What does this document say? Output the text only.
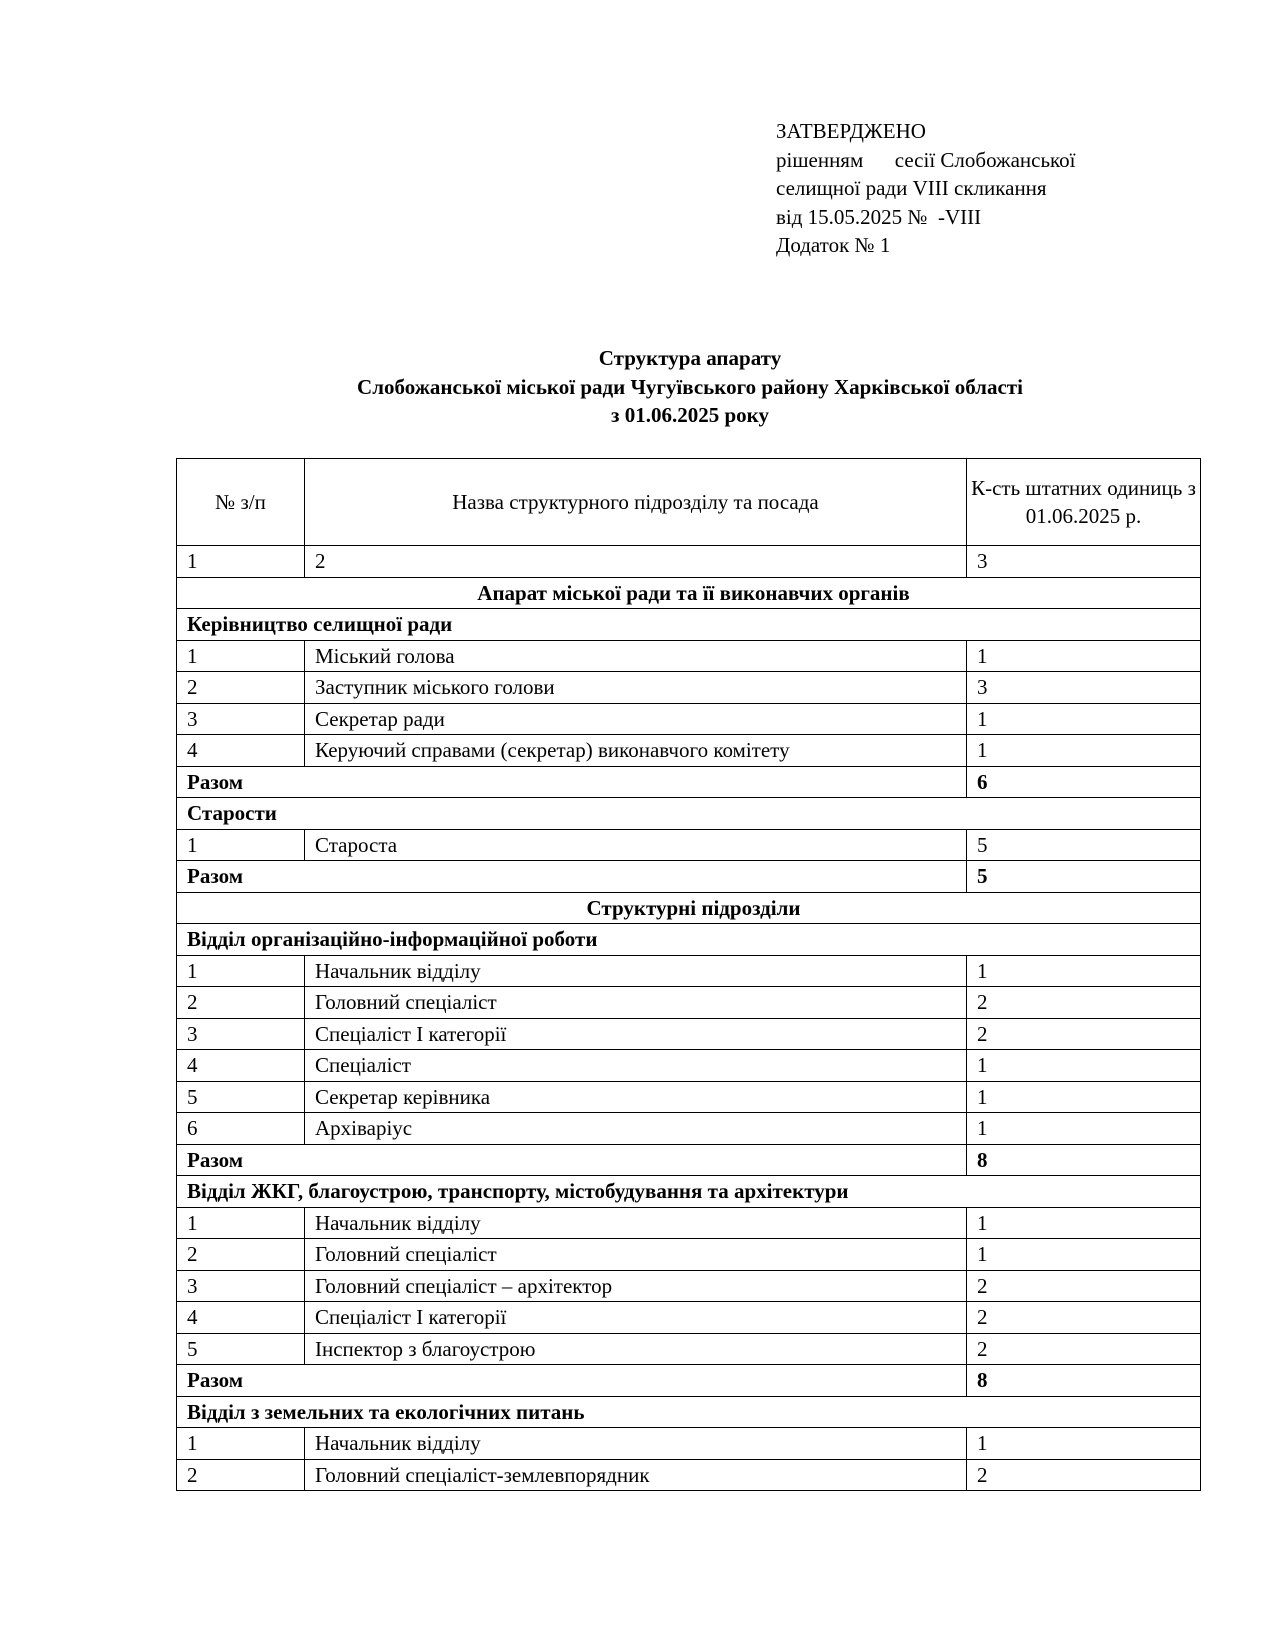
ЗАТВЕРДЖЕНО
рішенням      сесії Слобожанської
селищної ради VIII скликання
від 15.05.2025 №  -VIII
Додаток № 1
Структура апарату
Слобожанської міської ради Чугуївського району Харківської області
з 01.06.2025 року
№ з/п	Назва структурного підрозділу та посада	К-сть штатних одиниць з 01.06.2025 р.
1	2	3
Апарат міської ради та її виконавчих органів		
Керівництво селищної ради		
1	Міський голова	1
2	Заступник міського голови	3
3	Секретар ради	1
4	Керуючий справами (секретар) виконавчого комітету	1
Разом		6
Старости		
1	Староста	5
Разом		5
Структурні підрозділи		
Відділ організаційно-інформаційної роботи		
1	Начальник відділу	1
2	Головний спеціаліст	2
3	Спеціаліст І категорії	2
4	Спеціаліст	1
5	Секретар керівника	1
6	Архіваріус	1
Разом		8
Відділ ЖКГ, благоустрою, транспорту, містобудування та архітектури		
1	Начальник відділу	1
2	Головний спеціаліст	1
3	Головний спеціаліст – архітектор	2
4	Спеціаліст І категорії	2
5	Інспектор з благоустрою	2
Разом		8
Відділ з земельних та екологічних питань		
1	Начальник відділу	1
2	Головний спеціаліст-землевпорядник	2
